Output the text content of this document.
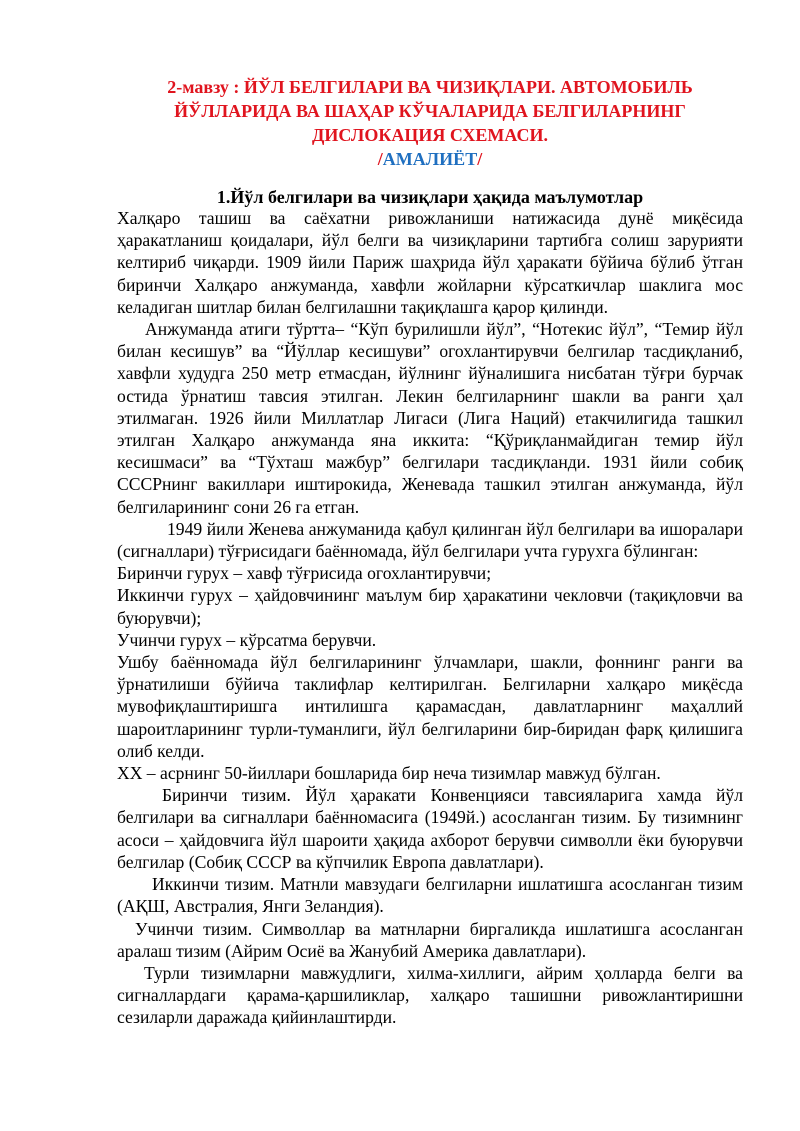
2-мавзу : ЙЎЛ БЕЛГИЛАРИ ВА ЧИЗИҚЛАРИ. АВТОМОБИЛЬ
ЙЎЛЛАРИДА ВА ШАҲАР КЎЧАЛАРИДА БЕЛГИЛАРНИНГ
ДИСЛОКАЦИЯ СХЕМАСИ.
/АМАЛИЁТ/
1.Йўл белгилари ва чизиқлари ҳақида маълумотлар

Халқаро ташиш ва саёхатни ривожланиши натижасида дунё миқёсида ҳаракатланиш қоидалари, йўл белги ва чизиқларини тартибга солиш зарурияти келтириб чиқарди. 1909 йили Париж шаҳрида йўл ҳаракати бўйича бўлиб ўтган биринчи Халқаро анжуманда, хавфли жойларни кўрсаткичлар шаклига мос келадиган шитлар билан белгилашни тақиқлашга қарор қилинди.

Анжуманда атиги тўртта– “Кўп бурилишли йўл”, “Нотекис йўл”, “Темир йўл билан кесишув” ва “Йўллар кесишуви” огохлантирувчи белгилар тасдиқланиб, хавфли худудга 250 метр етмасдан, йўлнинг йўналишига нисбатан тўғри бурчак остида ўрнатиш тавсия этилган. Лекин белгиларнинг шакли ва ранги ҳал этилмаган. 1926 йили Миллатлар Лигаси (Лига Наций) етакчилигида ташкил этилган Халқаро анжуманда яна иккита: “Қўриқланмайдиган темир йўл кесишмаси” ва “Тўхташ мажбур” белгилари тасдиқланди. 1931 йили собиқ СССРнинг вакиллари иштирокида, Женевада ташкил этилган анжуманда, йўл белгиларининг сони 26 га етган.

1949 йили Женева анжуманида қабул қилинган йўл белгилари ва ишоралари (сигналлари) тўғрисидаги баённомада, йўл белгилари учта гурухга бўлинган:

Биринчи гурух – хавф тўғрисида огохлантирувчи;

Иккинчи гурух – ҳайдовчининг маълум бир ҳаракатини чекловчи (тақиқловчи ва буюрувчи);

Учинчи гурух – кўрсатма берувчи.

Ушбу баённомада йўл белгиларининг ўлчамлари, шакли, фоннинг ранги ва ўрнатилиши бўйича таклифлар келтирилган. Белгиларни халқаро миқёсда мувофиқлаштиришга интилишга қарамасдан, давлатларнинг маҳаллий шароитларининг турли-туманлиги, йўл белгиларини бир-биридан фарқ қилишига олиб келди.

XX – асрнинг 50-йиллари бошларида бир неча тизимлар мавжуд бўлган.

Биринчи тизим. Йўл ҳаракати Конвенцияси тавсияларига хамда йўл белгилари ва сигналлари баённомасига (1949й.) асосланган тизим. Бу тизимнинг асоси – ҳайдовчига йўл шароити ҳақида ахборот берувчи символли ёки буюрувчи белгилар (Собиқ СССР ва кўпчилик Европа давлатлари).

Иккинчи тизим. Матнли мавзудаги белгиларни ишлатишга асосланган тизим (АҚШ, Австралия, Янги Зеландия).

Учинчи тизим. Символлар ва матнларни биргаликда ишлатишга асосланган аралаш тизим (Айрим Осиё ва Жанубий Америка давлатлари).

Турли тизимларни мавжудлиги, хилма-хиллиги, айрим ҳолларда белги ва сигналлардаги қарама-қаршиликлар, халқаро ташишни ривожлантиришни сезиларли даражада қийинлаштирди.
